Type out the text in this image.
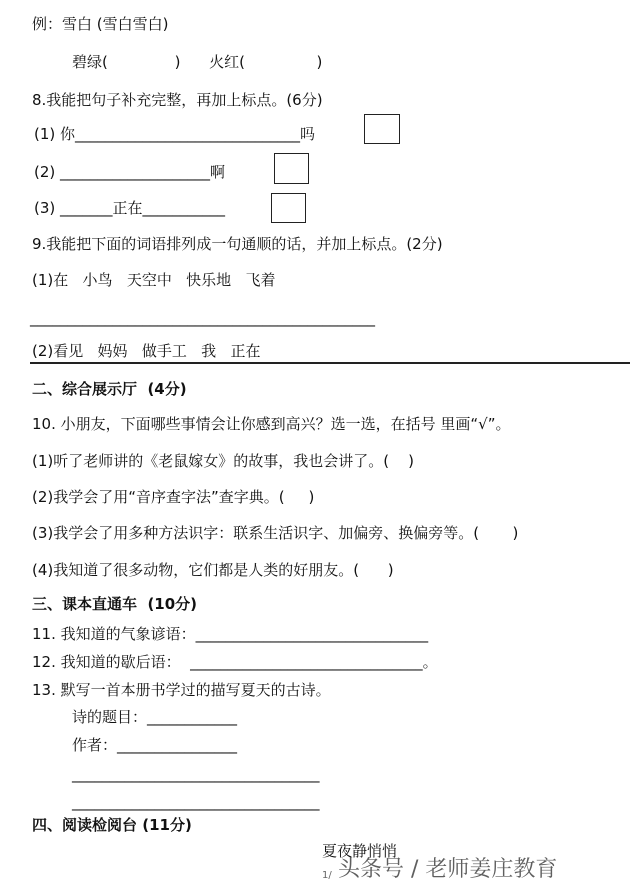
例：雪白 (雪白雪白)
碧绿(              )      火红(               )
8.我能把句子补充完整，再加上标点。(6分)
(1) 你______________________________吗
(2) ____________________啊
(3) _______正在___________
9.我能把下面的词语排列成一句通顺的话，并加上标点。(2分)
(1)在   小鸟   天空中   快乐地   飞着
______________________________________________
(2)看见   妈妈   做手工   我   正在
二、综合展示厅  (4分)
10. 小朋友，下面哪些事情会让你感到高兴？选一选，在括号 里画“√”。
(1)听了老师讲的《老鼠嫁女》的故事，我也会讲了。(    )
(2)我学会了用“音序查字法”查字典。(     )
(3)我学会了用多种方法识字：联系生活识字、加偏旁、换偏旁等。(       )
(4)我知道了很多动物，它们都是人类的好朋友。(      )
三、课本直通车  (10分)
11. 我知道的气象谚语：_______________________________
12. 我知道的歇后语：  _______________________________。
13. 默写一首本册书学过的描写夏天的古诗。
诗的题目：____________
作者：________________
_________________________________
_________________________________
四、阅读检阅台 (11分)
夏夜静悄悄
1/ 头条号 / 老师姜庄教育
